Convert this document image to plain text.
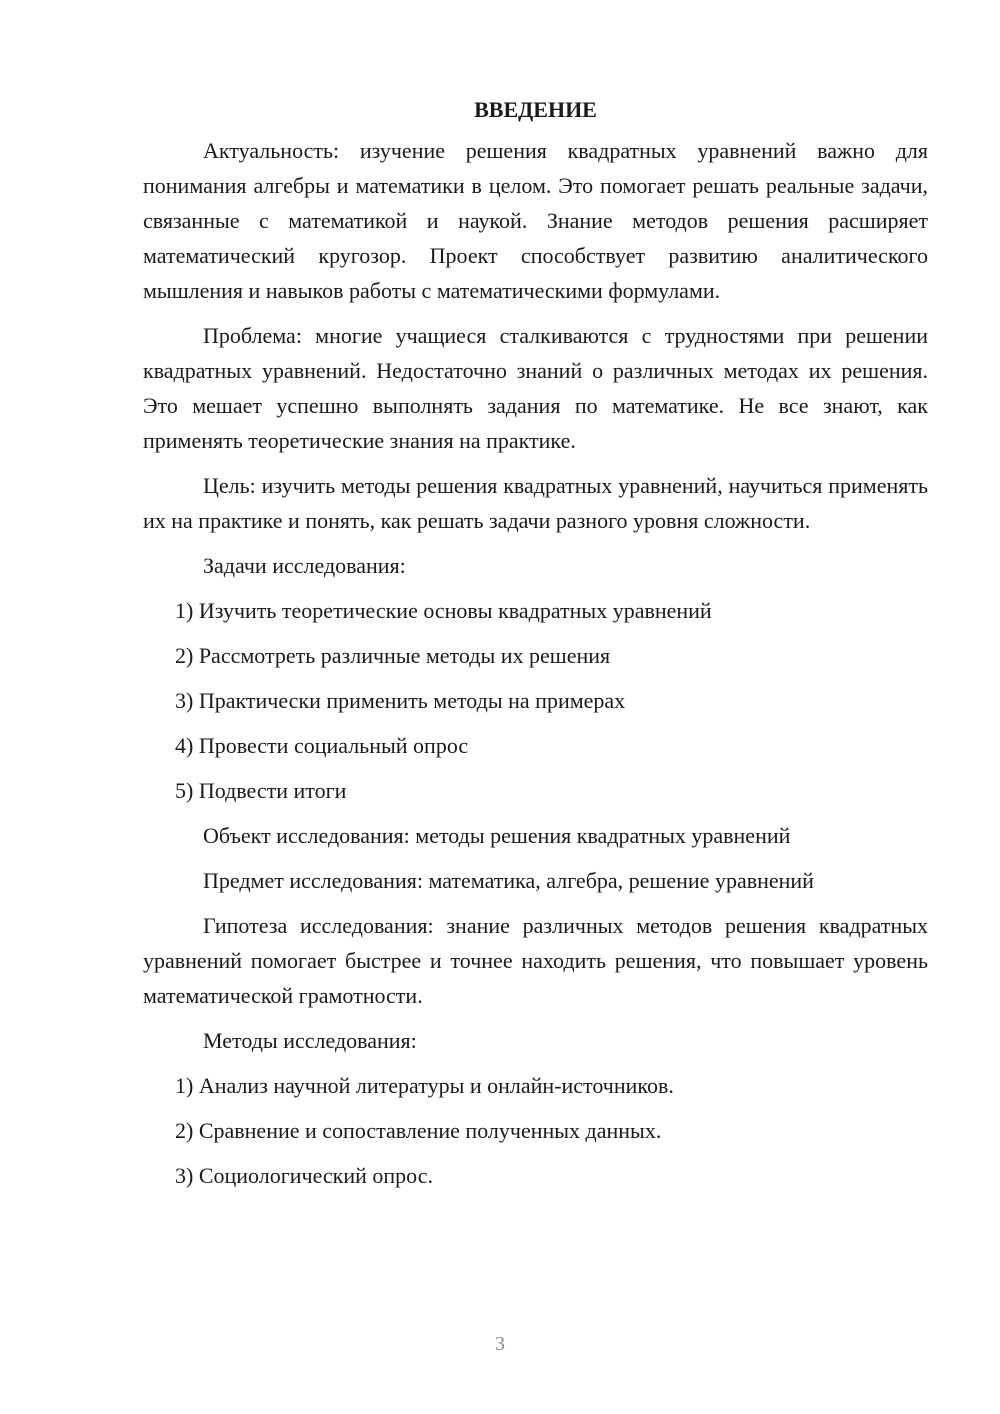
ВВЕДЕНИЕ

Актуальность: изучение решения квадратных уравнений важно для понимания алгебры и математики в целом. Это помогает решать реальные задачи, связанные с математикой и наукой. Знание методов решения расширяет математический кругозор. Проект способствует развитию аналитического мышления и навыков работы с математическими формулами.

Проблема: многие учащиеся сталкиваются с трудностями при решении квадратных уравнений. Недостаточно знаний о различных методах их решения. Это мешает успешно выполнять задания по математике. Не все знают, как применять теоретические знания на практике.

Цель: изучить методы решения квадратных уравнений, научиться применять их на практике и понять, как решать задачи разного уровня сложности.

Задачи исследования:

1) Изучить теоретические основы квадратных уравнений

2) Рассмотреть различные методы их решения

3) Практически применить методы на примерах

4) Провести социальный опрос

5) Подвести итоги

Объект исследования: методы решения квадратных уравнений

Предмет исследования: математика, алгебра, решение уравнений

Гипотеза исследования: знание различных методов решения квадратных уравнений помогает быстрее и точнее находить решения, что повышает уровень математической грамотности.

Методы исследования:

1) Анализ научной литературы и онлайн-источников.

2) Сравнение и сопоставление полученных данных.

3) Социологический опрос.

3
